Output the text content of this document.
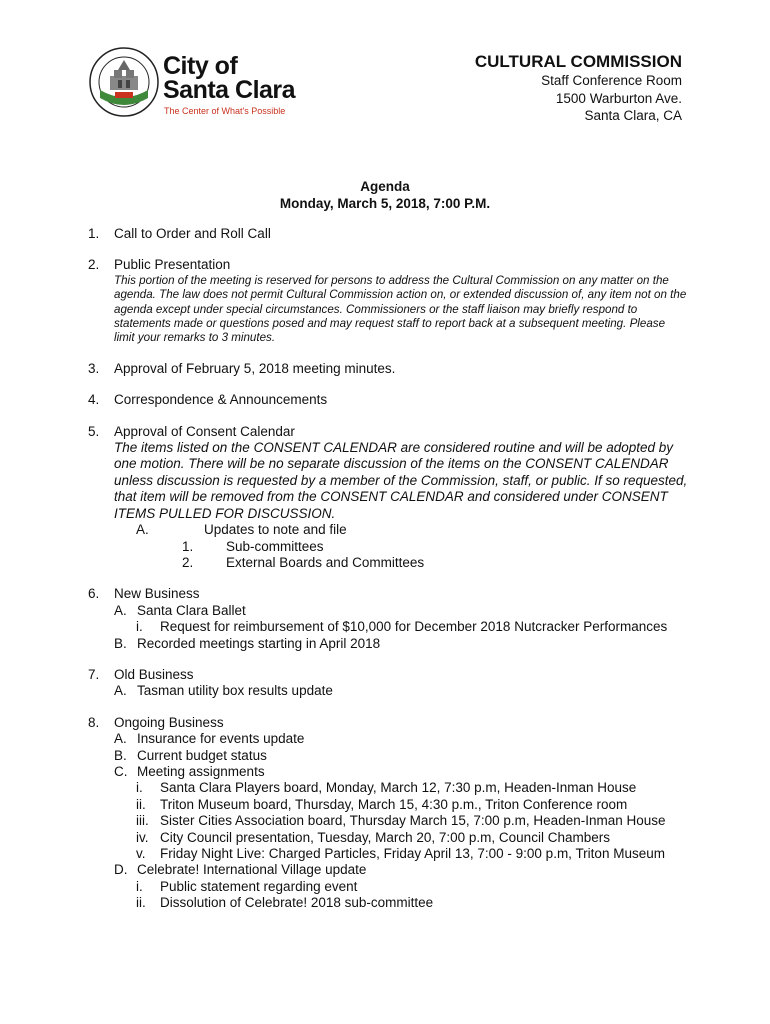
City of
Santa Clara
The Center of What's Possible
CULTURAL COMMISSION
Staff Conference Room
1500 Warburton Ave.
Santa Clara, CA
Agenda
Monday, March 5, 2018, 7:00 P.M.
1. Call to Order and Roll Call
2. Public Presentation
This portion of the meeting is reserved for persons to address the Cultural Commission on any matter on the agenda. The law does not permit Cultural Commission action on, or extended discussion of, any item not on the agenda except under special circumstances. Commissioners or the staff liaison may briefly respond to statements made or questions posed and may request staff to report back at a subsequent meeting. Please limit your remarks to 3 minutes.
3. Approval of February 5, 2018 meeting minutes.
4. Correspondence & Announcements
5. Approval of Consent Calendar
The items listed on the CONSENT CALENDAR are considered routine and will be adopted by one motion. There will be no separate discussion of the items on the CONSENT CALENDAR unless discussion is requested by a member of the Commission, staff, or public. If so requested, that item will be removed from the CONSENT CALENDAR and considered under CONSENT ITEMS PULLED FOR DISCUSSION.
A.	Updates to note and file
1. Sub-committees
2. External Boards and Committees
6. New Business
A. Santa Clara Ballet
i. Request for reimbursement of $10,000 for December 2018 Nutcracker Performances
B. Recorded meetings starting in April 2018
7. Old Business
A. Tasman utility box results update
8. Ongoing Business
A. Insurance for events update
B. Current budget status
C. Meeting assignments
i. Santa Clara Players board, Monday, March 12, 7:30 p.m, Headen-Inman House
ii. Triton Museum board, Thursday, March 15, 4:30 p.m., Triton Conference room
iii. Sister Cities Association board, Thursday March 15, 7:00 p.m, Headen-Inman House
iv. City Council presentation, Tuesday, March 20, 7:00 p.m, Council Chambers
v. Friday Night Live: Charged Particles, Friday April 13, 7:00 - 9:00 p.m, Triton Museum
D. Celebrate! International Village update
i. Public statement regarding event
ii. Dissolution of Celebrate! 2018 sub-committee
